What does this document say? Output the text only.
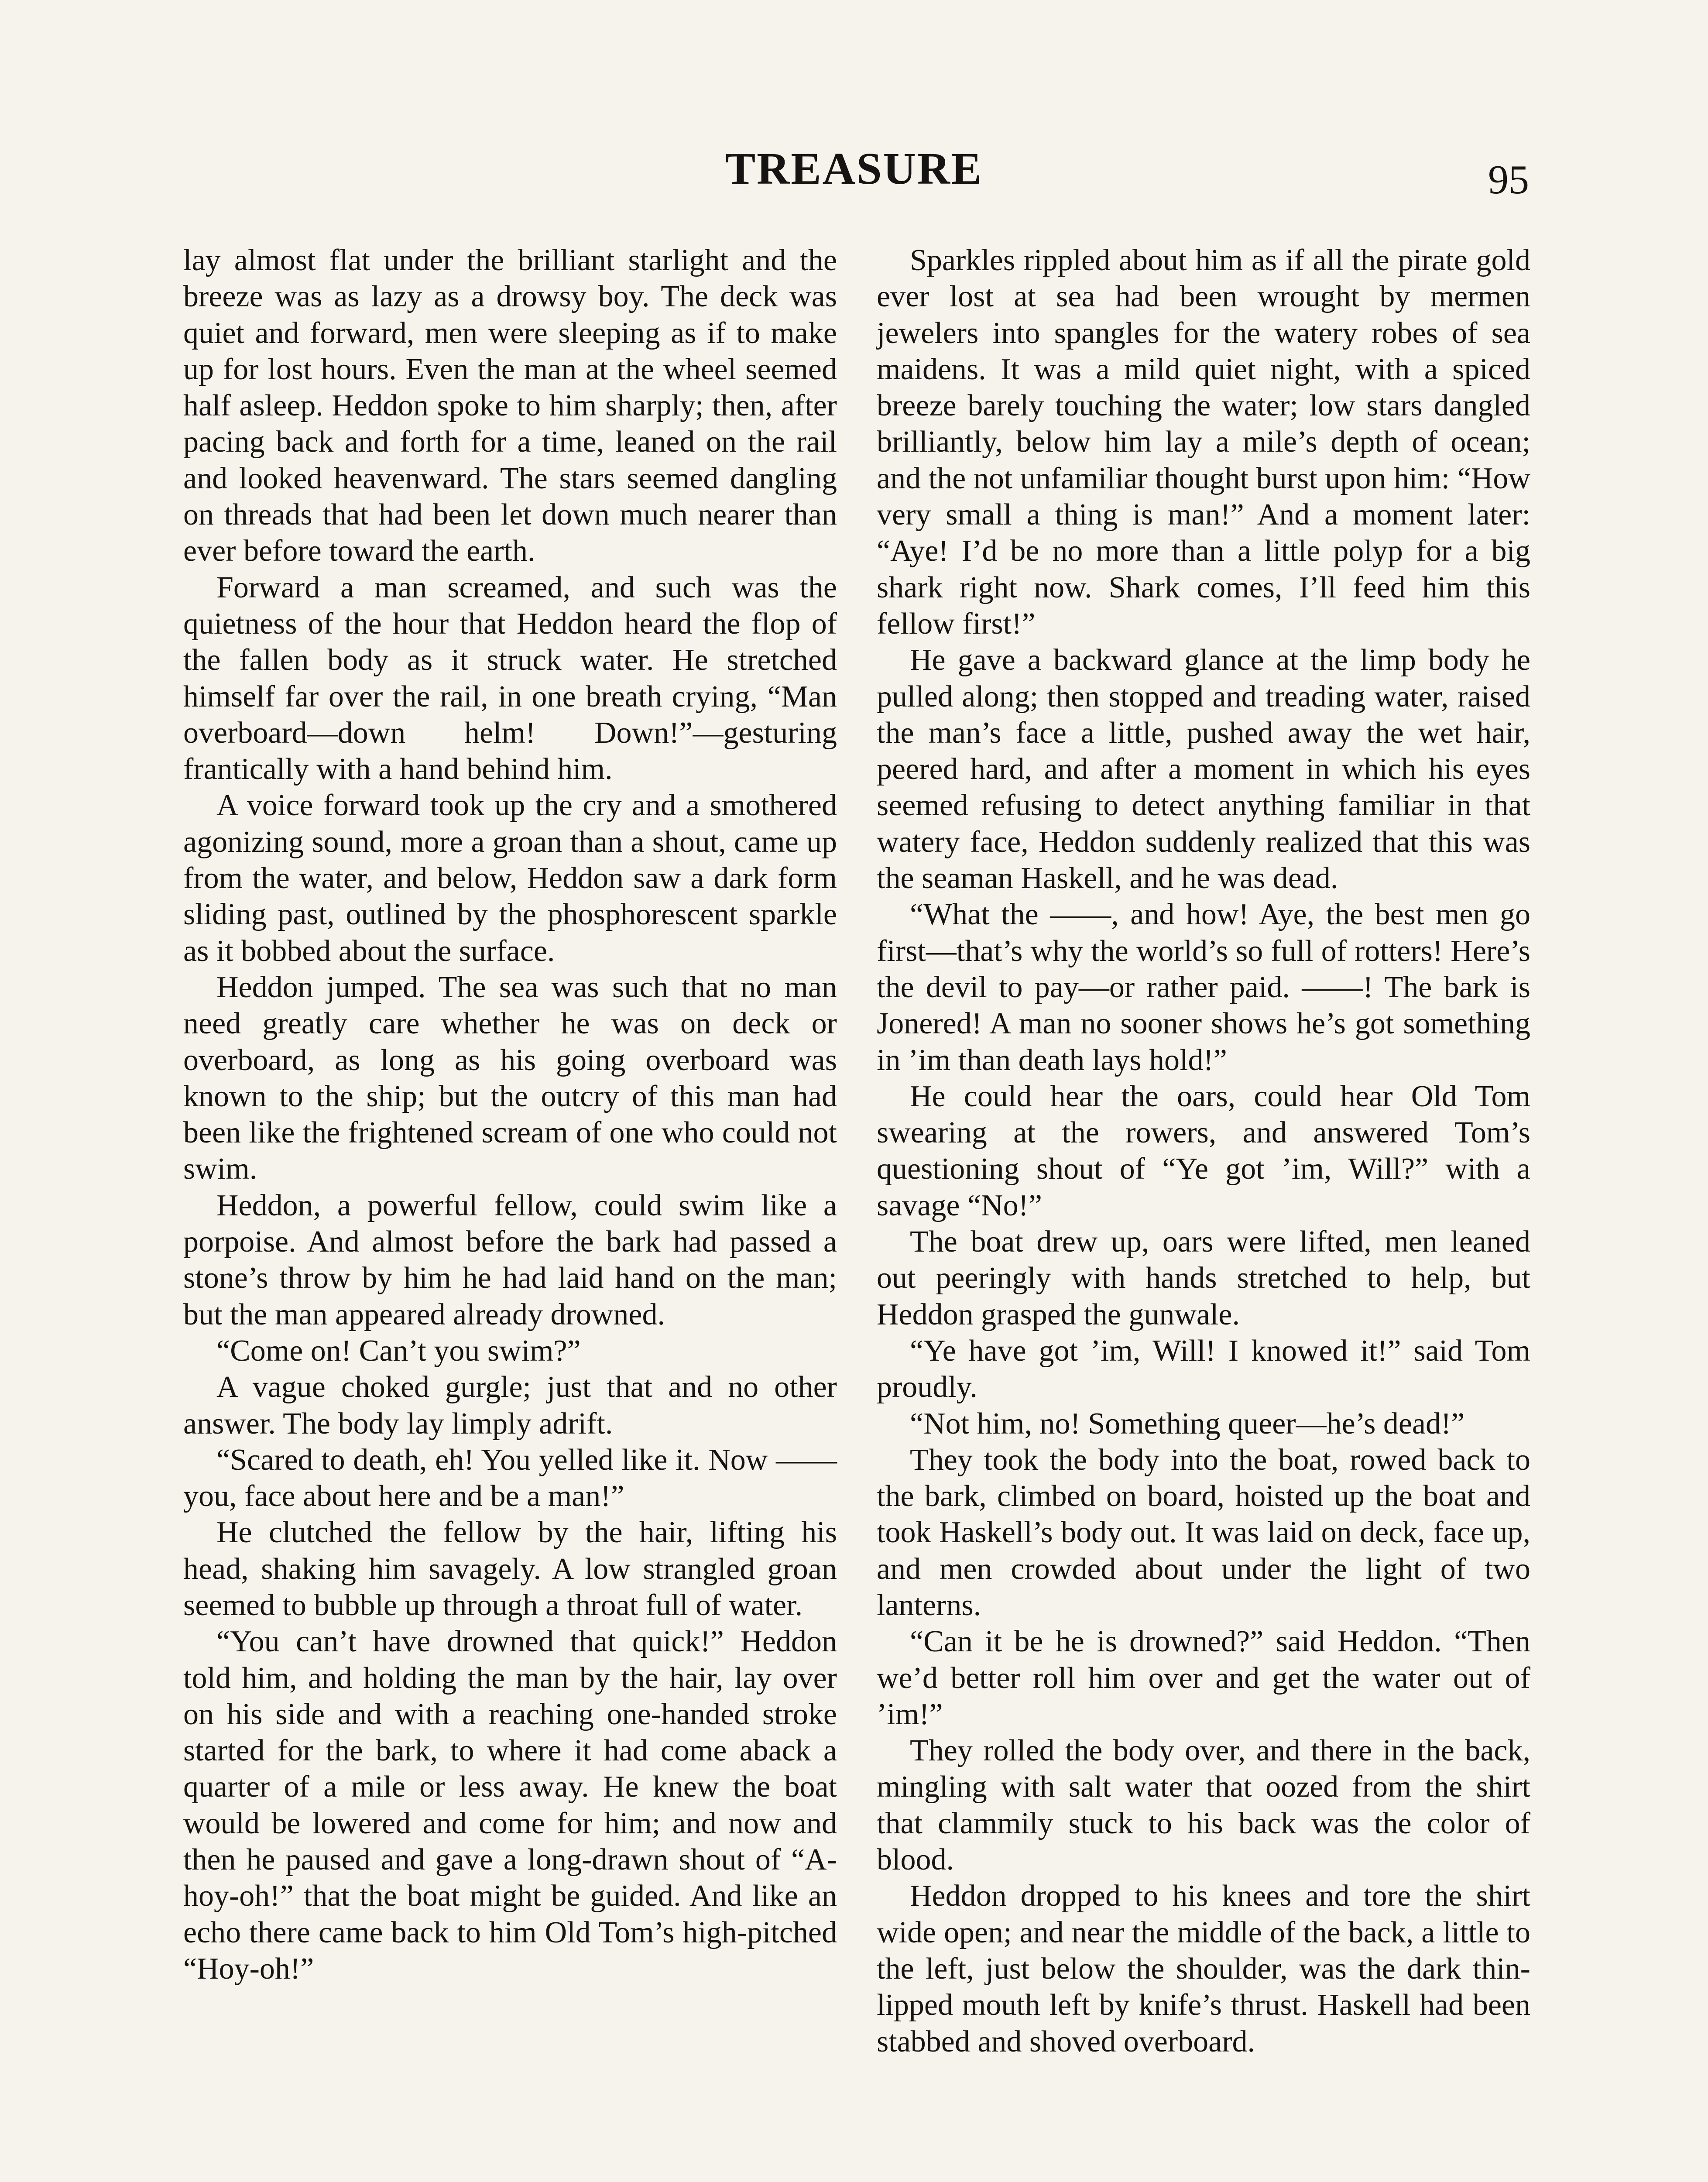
TREASURE	95

lay almost flat under the brilliant starlight and the breeze was as lazy as a drowsy boy. The deck was quiet and forward, men were sleeping as if to make up for lost hours. Even the man at the wheel seemed half asleep. Heddon spoke to him sharply; then, after pacing back and forth for a time, leaned on the rail and looked heavenward. The stars seemed dangling on threads that had been let down much nearer than ever before toward the earth.

Forward a man screamed, and such was the quietness of the hour that Heddon heard the flop of the fallen body as it struck water. He stretched himself far over the rail, in one breath crying, “Man overboard—down helm! Down!”—gesturing frantically with a hand behind him.

A voice forward took up the cry and a smothered agonizing sound, more a groan than a shout, came up from the water, and below, Heddon saw a dark form sliding past, outlined by the phosphorescent sparkle as it bobbed about the surface.

Heddon jumped. The sea was such that no man need greatly care whether he was on deck or overboard, as long as his going overboard was known to the ship; but the outcry of this man had been like the frightened scream of one who could not swim.

Heddon, a powerful fellow, could swim like a porpoise. And almost before the bark had passed a stone’s throw by him he had laid hand on the man; but the man appeared already drowned.

“Come on! Can’t you swim?”

A vague choked gurgle; just that and no other answer. The body lay limply adrift.

“Scared to death, eh! You yelled like it. Now —— you, face about here and be a man!”

He clutched the fellow by the hair, lifting his head, shaking him savagely. A low strangled groan seemed to bubble up through a throat full of water.

“You can’t have drowned that quick!” Heddon told him, and holding the man by the hair, lay over on his side and with a reaching one-handed stroke started for the bark, to where it had come aback a quarter of a mile or less away. He knew the boat would be lowered and come for him; and now and then he paused and gave a long-drawn shout of “A-hoy-oh!” that the boat might be guided. And like an echo there came back to him Old Tom’s high-pitched “Hoy-oh!”

Sparkles rippled about him as if all the pirate gold ever lost at sea had been wrought by mermen jewelers into spangles for the watery robes of sea maidens. It was a mild quiet night, with a spiced breeze barely touching the water; low stars dangled brilliantly, below him lay a mile’s depth of ocean; and the not unfamiliar thought burst upon him: “How very small a thing is man!” And a moment later: “Aye! I’d be no more than a little polyp for a big shark right now. Shark comes, I’ll feed him this fellow first!”

He gave a backward glance at the limp body he pulled along; then stopped and treading water, raised the man’s face a little, pushed away the wet hair, peered hard, and after a moment in which his eyes seemed refusing to detect anything familiar in that watery face, Heddon suddenly realized that this was the seaman Haskell, and he was dead.

“What the ——, and how! Aye, the best men go first—that’s why the world’s so full of rotters! Here’s the devil to pay—or rather paid. ——! The bark is Jonered! A man no sooner shows he’s got something in ’im than death lays hold!”

He could hear the oars, could hear Old Tom swearing at the rowers, and answered Tom’s questioning shout of “Ye got ’im, Will?” with a savage “No!”

The boat drew up, oars were lifted, men leaned out peeringly with hands stretched to help, but Heddon grasped the gunwale.

“Ye have got ’im, Will! I knowed it!” said Tom proudly.

“Not him, no! Something queer—he’s dead!”

They took the body into the boat, rowed back to the bark, climbed on board, hoisted up the boat and took Haskell’s body out. It was laid on deck, face up, and men crowded about under the light of two lanterns.

“Can it be he is drowned?” said Heddon. “Then we’d better roll him over and get the water out of ’im!”

They rolled the body over, and there in the back, mingling with salt water that oozed from the shirt that clammily stuck to his back was the color of blood.

Heddon dropped to his knees and tore the shirt wide open; and near the middle of the back, a little to the left, just below the shoulder, was the dark thin-lipped mouth left by knife’s thrust. Haskell had been stabbed and shoved overboard.
